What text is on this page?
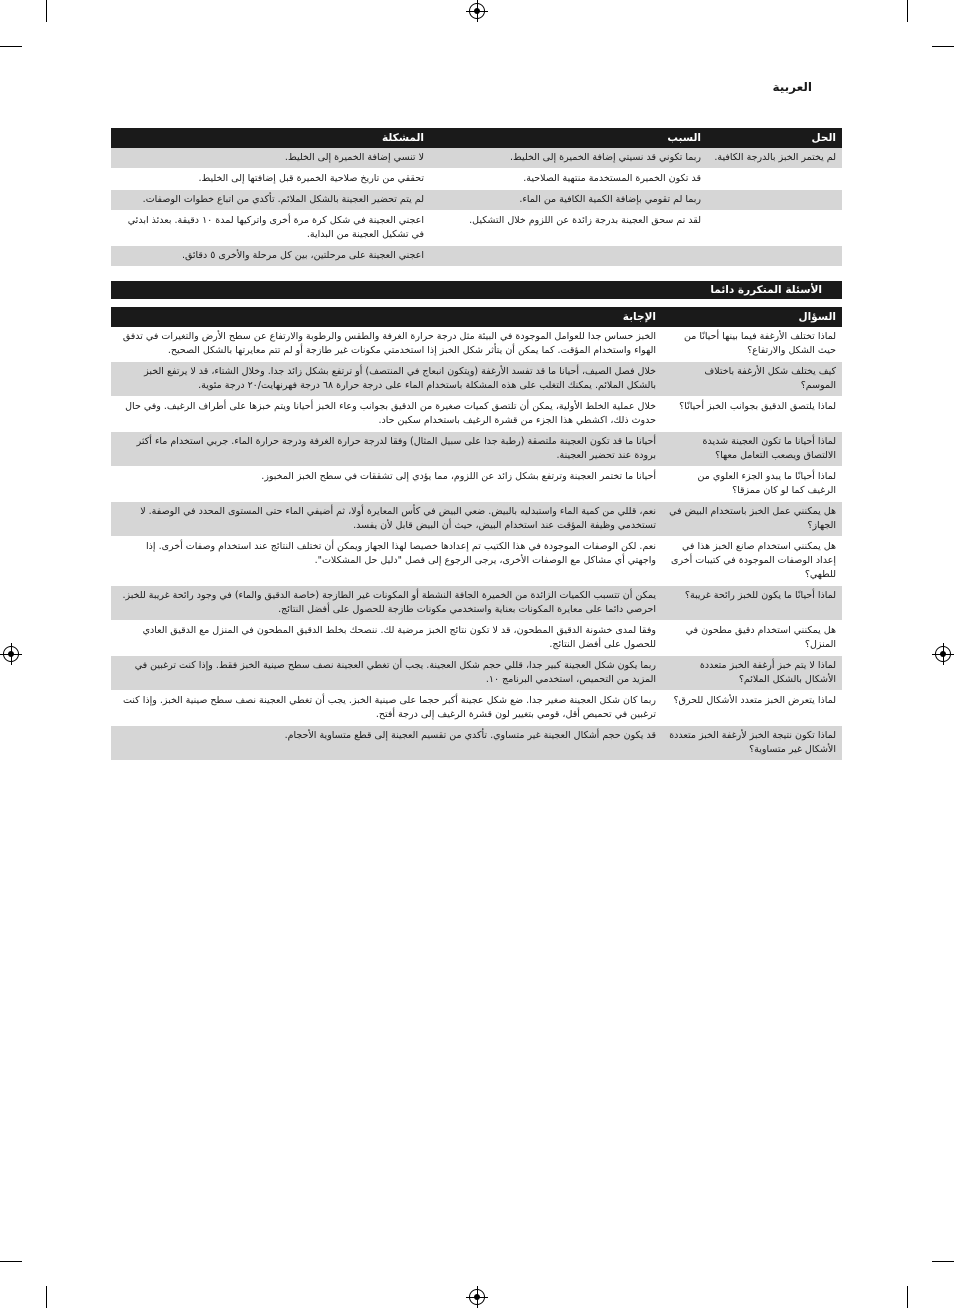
العربية
الحل	السبب	المشكلة
لم يختمر الخبز بالدرجة الكافية.	ربما تكوني قد نسيتي إضافة الخميرة إلى الخليط.	لا تنسي إضافة الخميرة إلى الخليط.
	قد تكون الخميرة المستخدمة منتهية الصلاحية.	تحققي من تاريخ صلاحية الخميرة قبل إضافتها إلى الخليط.
	ربما لم تقومي بإضافة الكمية الكافية من الماء.	لم يتم تحضير العجينة بالشكل الملائم. تأكدي من اتباع خطوات الوصفات.
	لقد تم سحق العجينة بدرجة زائدة عن اللزوم خلال التشكيل.	اعجني العجينة في شكل كرة مرة أخرى واتركيها لمدة ١٠ دقيقة. بعدئذ ابدئي في تشكيل العجينة من البداية.
		اعجني العجينة على مرحلتين، بين كل مرحلة والأخرى ٥ دقائق.
الأسئلة المتكررة دائما
السؤال	الإجابة
لماذا تختلف الأرغفة فيما بينها أحيانًا من حيث الشكل والارتفاع؟	الخبز حساس جدا للعوامل الموجودة في البيئة مثل درجة حرارة الغرفة والطقس والرطوبة والارتفاع عن سطح الأرض والتغيرات في تدفق الهواء واستخدام المؤقت. كما يمكن أن يتأثر شكل الخبز إذا استخدمتي مكونات غير طازجة أو لم تتم معايرتها بالشكل الصحيح.
كيف يختلف شكل الأرغفة باختلاف الموسم؟	خلال فصل الصيف، أحيانا ما قد تفسد الأرغفة (ويتكون انبعاج في المنتصف) أو ترتفع بشكل زائد جدا. وخلال الشتاء، قد لا يرتفع الخبز بالشكل الملائم. يمكنك التغلب على هذه المشكلة باستخدام الماء على درجة حرارة ٦٨ درجة فهرنهايت/٢٠ درجة مئوية.
لماذا يلتصق الدقيق بجوانب الخبز أحيانًا؟	خلال عملية الخلط الأولية، يمكن أن تلتصق كميات صغيرة من الدقيق بجوانب وعاء الخبز أحيانا ويتم خبزها على أطراف الرغيف. وفي حال حدوث ذلك، اكشطي هذا الجزء من قشرة الرغيف باستخدام سكين حاد.
لماذا أحيانا ما تكون العجينة شديدة الالتصاق ويصعب التعامل معها؟	أحيانا ما قد تكون العجينة ملتصقة (رطبة جدا على سبيل المثال) وفقا لدرجة حرارة الغرفة ودرجة حرارة الماء. جربي استخدام ماء أكثر برودة عند تحضير العجينة.
لماذا أحيانًا ما يبدو الجزء العلوي من الرغيف كما لو كان ممزقا؟	أحيانا ما تختمر العجينة وترتفع بشكل زائد عن اللزوم، مما يؤدي إلى تشققات في سطح الخبز المخبوز.
هل يمكنني عمل الخبز باستخدام البيض في الجهاز؟	نعم، قللي من كمية الماء واستبدليه بالبيض. ضعي البيض في كأس المعايرة أولا، ثم أضيفي الماء حتى المستوى المحدد في الوصفة. لا تستخدمي وظيفة المؤقت عند استخدام البيض، حيث أن البيض قابل لأن يفسد.
هل يمكنني استخدام صانع الخبز هذا في إعداد الوصفات الموجودة في كتيبات أخرى للطهي؟	نعم. لكن الوصفات الموجودة في هذا الكتيب تم إعدادها خصيصا لهذا الجهاز ويمكن أن تختلف النتائج عند استخدام وصفات أخرى. إذا واجهتي أي مشاكل مع الوصفات الأخرى، يرجى الرجوع إلى فصل "دليل حل المشكلات".
لماذا أحيانًا ما يكون للخبز رائحة غريبة؟	يمكن أن تتسبب الكميات الزائدة من الخميرة الجافة النشطة أو المكونات غير الطازجة (خاصة الدقيق والماء) في وجود رائحة غريبة للخبز. احرصي دائما على معايرة المكونات بعناية واستخدمي مكونات طازجة للحصول على أفضل النتائج.
هل يمكنني استخدام دقيق مطحون في المنزل؟	وفقا لمدى خشونة الدقيق المطحون، قد لا تكون نتائج الخبز مرضية لك. ننصحك بخلط الدقيق المطحون في المنزل مع الدقيق العادي للحصول على أفضل النتائج.
لماذا لا يتم خبز أرغفة الخبز متعددة الأشكال بالشكل الملائم؟	ربما يكون شكل العجينة كبير جدا، قللي حجم شكل العجينة. يجب أن تغطي العجينة نصف سطح صينية الخبز فقط. وإذا كنت ترغبين في المزيد من التحميص، استخدمي البرنامج ١٠.
لماذا يتعرض الخبز متعدد الأشكال للحرق؟	ربما كان شكل العجينة صغير جدا. ضع شكل عجينة أكبر حجما على صينية الخبز. يجب أن تغطي العجينة نصف سطح صينية الخبز. وإذا كنت ترغبين في تحميص أقل، قومي بتغيير لون قشرة الرغيف إلى درجة أفتح.
لماذا تكون نتيجة الخبز لأرغفة الخبز متعددة الأشكال غير متساوية؟	قد يكون حجم أشكال العجينة غير متساوي. تأكدي من تقسيم العجينة إلى قطع متساوية الأحجام.
